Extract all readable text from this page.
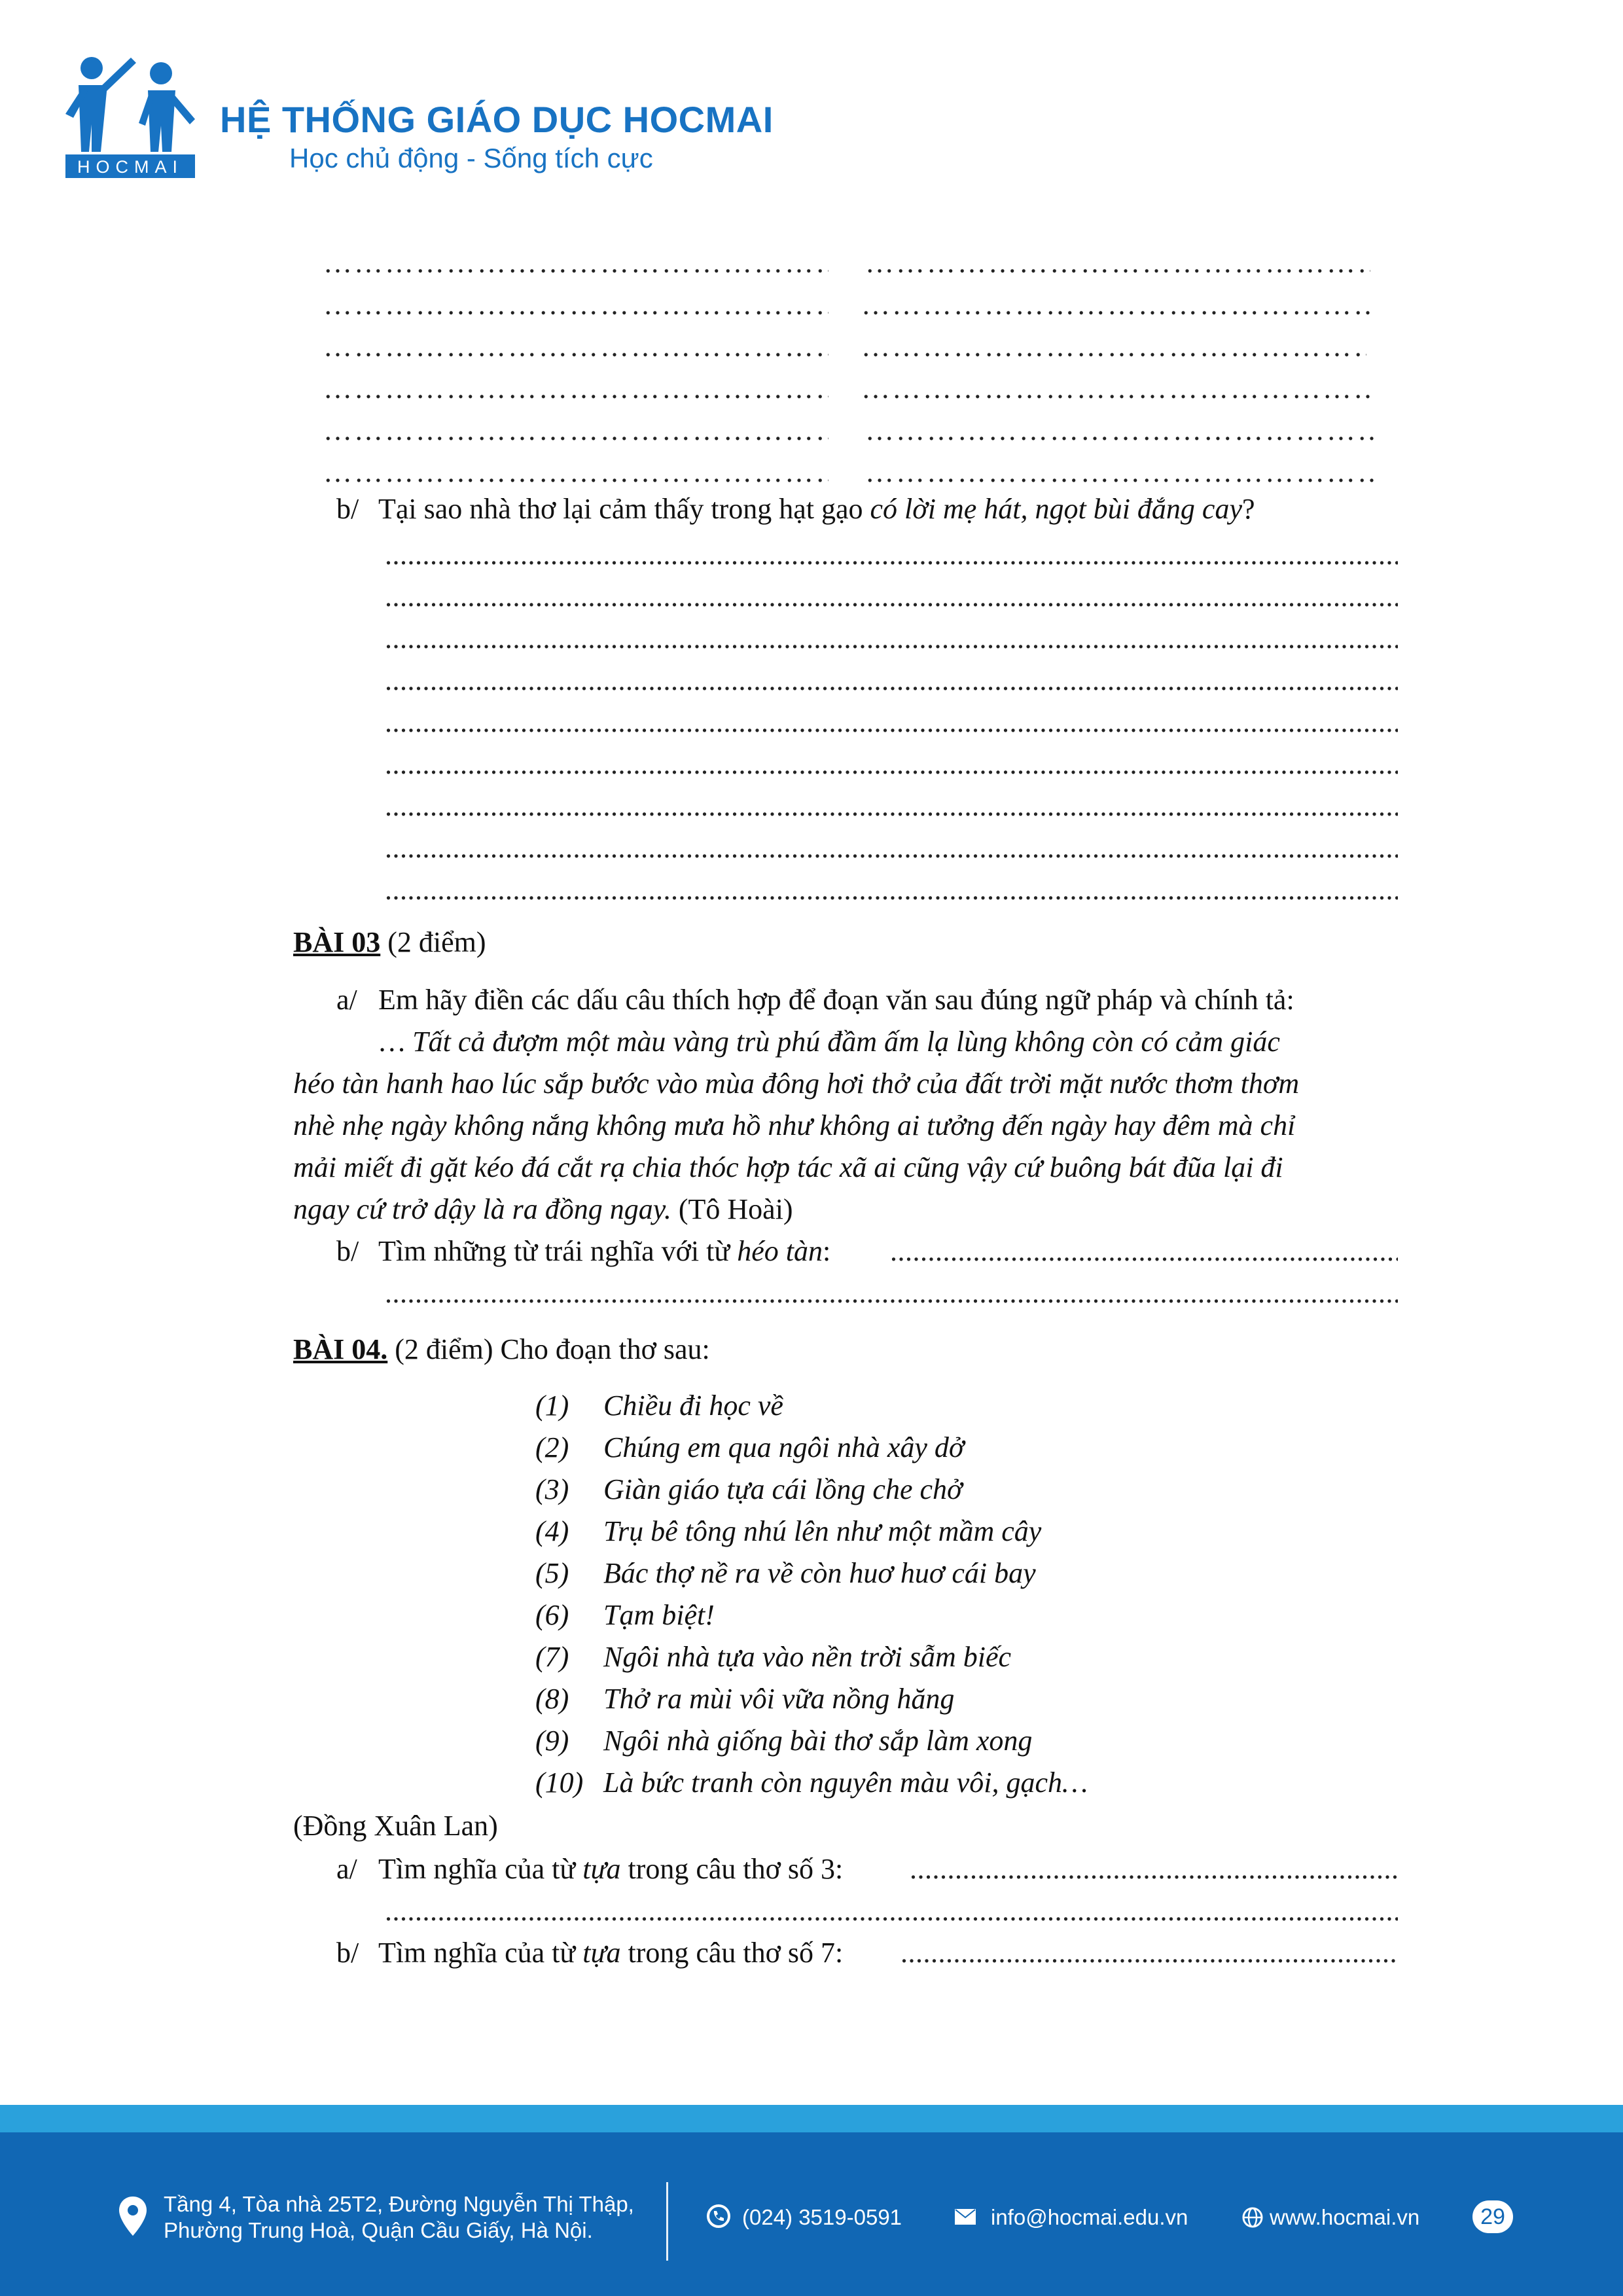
HOCMAI
HỆ THỐNG GIÁO DỤC HOCMAI
Học chủ động - Sống tích cực
…………………………………………………………………………………………………………………………………………………………………………
…………………………………………………………………………………………………………………………………………………………………………
…………………………………………………………………………………………………………………………………………………………………………
…………………………………………………………………………………………………………………………………………………………………………
…………………………………………………………………………………………………………………………………………………………………………
…………………………………………………………………………………………………………………………………………………………………………
…………………………………………………………………………………………………………………………………………………………………………
…………………………………………………………………………………………………………………………………………………………………………
…………………………………………………………………………………………………………………………………………………………………………
…………………………………………………………………………………………………………………………………………………………………………
…………………………………………………………………………………………………………………………………………………………………………
…………………………………………………………………………………………………………………………………………………………………………
b/ Tại sao nhà thơ lại cảm thấy trong hạt gạo có lời mẹ hát, ngọt bùi đắng cay?
.....
.....
.....
.....
.....
.....
.....
.....
.....
BÀI 03 (2 điểm)
a/ Em hãy điền các dấu câu thích hợp để đoạn văn sau đúng ngữ pháp và chính tả:
… Tất cả đượm một màu vàng trù phú đầm ấm lạ lùng không còn có cảm giác
héo tàn hanh hao lúc sắp bước vào mùa đông hơi thở của đất trời mặt nước thơm thơm
nhè nhẹ ngày không nắng không mưa hồ như không ai tưởng đến ngày hay đêm mà chỉ
mải miết đi gặt kéo đá cắt rạ chia thóc hợp tác xã ai cũng vậy cứ buông bát đũa lại đi
ngay cứ trở dậy là ra đồng ngay. (Tô Hoài)
b/ Tìm những từ trái nghĩa với từ héo tàn:
.....
.....
BÀI 04. (2 điểm) Cho đoạn thơ sau:
(1) Chiều đi học về
(2) Chúng em qua ngôi nhà xây dở
(3) Giàn giáo tựa cái lồng che chở
(4) Trụ bê tông nhú lên như một mầm cây
(5) Bác thợ nề ra về còn huơ huơ cái bay
(6) Tạm biệt!
(7) Ngôi nhà tựa vào nền trời sẫm biếc
(8) Thở ra mùi vôi vữa nồng hăng
(9) Ngôi nhà giống bài thơ sắp làm xong
(10) Là bức tranh còn nguyên màu vôi, gạch…
(Đồng Xuân Lan)
a/ Tìm nghĩa của từ tựa trong câu thơ số 3:
.....
.....
b/ Tìm nghĩa của từ tựa trong câu thơ số 7:
.....
Tầng 4, Tòa nhà 25T2, Đường Nguyễn Thị Thập,
Phường Trung Hoà, Quận Cầu Giấy, Hà Nội.
(024) 3519-0591	info@hocmai.edu.vn	www.hocmai.vn	29
